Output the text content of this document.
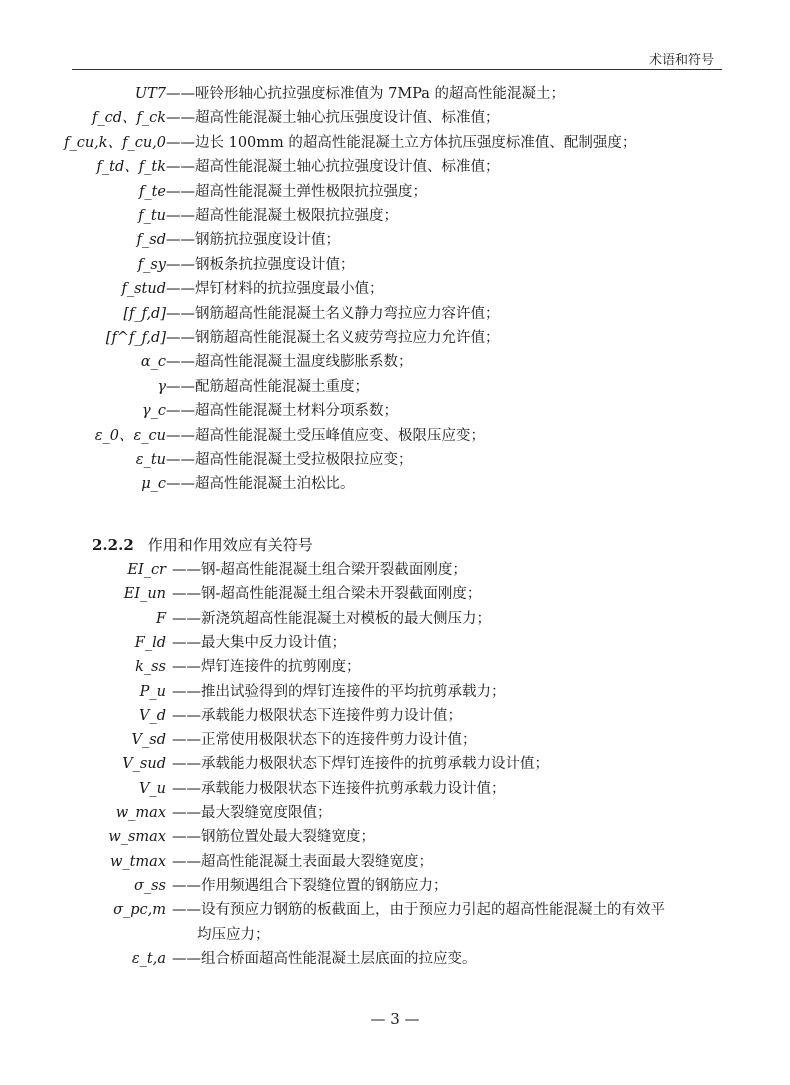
术语和符号
UT7 ——哑铃形轴心抗拉强度标准值为 7MPa 的超高性能混凝土；
f_cd、f_ck ——超高性能混凝土轴心抗压强度设计值、标准值；
f_cu,k、f_cu,0 ——边长 100mm 的超高性能混凝土立方体抗压强度标准值、配制强度；
f_td、f_tk ——超高性能混凝土轴心抗拉强度设计值、标准值；
f_te ——超高性能混凝土弹性极限抗拉强度；
f_tu ——超高性能混凝土极限抗拉强度；
f_sd ——钢筋抗拉强度设计值；
f_sy ——钢板条抗拉强度设计值；
f_stud ——焊钉材料的抗拉强度最小值；
[f_f,d] ——钢筋超高性能混凝土名义静力弯拉应力容许值；
[f^f_f,d] ——钢筋超高性能混凝土名义疲劳弯拉应力允许值；
α_c ——超高性能混凝土温度线膨胀系数；
γ ——配筋超高性能混凝土重度；
γ_c ——超高性能混凝土材料分项系数；
ε_0、ε_cu ——超高性能混凝土受压峰值应变、极限压应变；
ε_tu ——超高性能混凝土受拉极限拉应变；
μ_c ——超高性能混凝土泊松比。
2.2.2 作用和作用效应有关符号
EI_cr ——钢-超高性能混凝土组合梁开裂截面刚度；
EI_un ——钢-超高性能混凝土组合梁未开裂截面刚度；
F ——新浇筑超高性能混凝土对模板的最大侧压力；
F_ld ——最大集中反力设计值；
k_ss ——焊钉连接件的抗剪刚度；
P_u ——推出试验得到的焊钉连接件的平均抗剪承载力；
V_d ——承载能力极限状态下连接件剪力设计值；
V_sd ——正常使用极限状态下的连接件剪力设计值；
V_sud ——承载能力极限状态下焊钉连接件的抗剪承载力设计值；
V_u ——承载能力极限状态下连接件抗剪承载力设计值；
w_max ——最大裂缝宽度限值；
w_smax ——钢筋位置处最大裂缝宽度；
w_tmax ——超高性能混凝土表面最大裂缝宽度；
σ_ss ——作用频遇组合下裂缝位置的钢筋应力；
σ_pc,m ——设有预应力钢筋的板截面上，由于预应力引起的超高性能混凝土的有效平
均压应力；
ε_t,a ——组合桥面超高性能混凝土层底面的拉应变。
— 3 —
